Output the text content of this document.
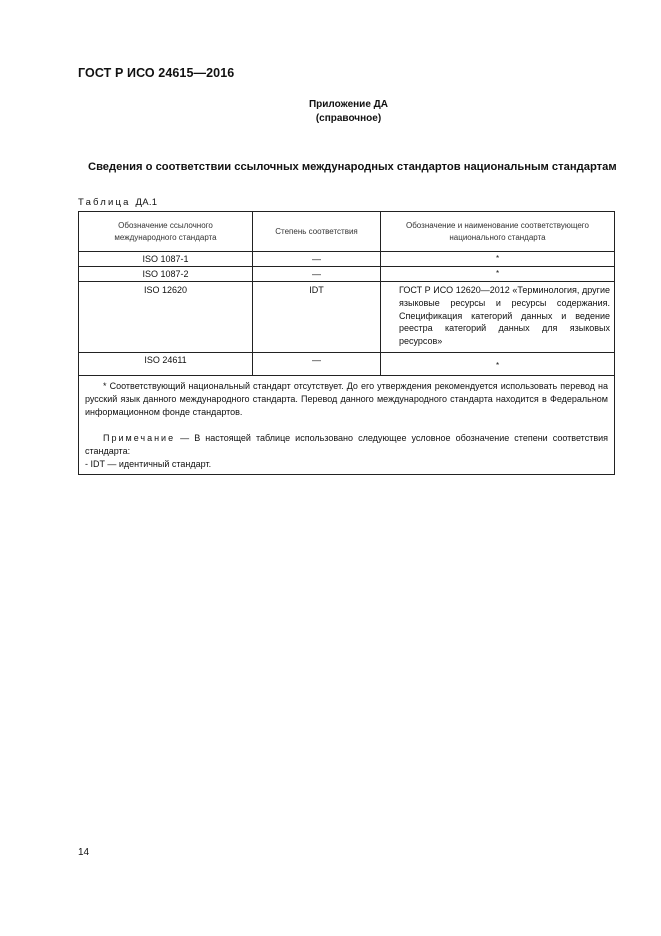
ГОСТ Р ИСО 24615—2016
Приложение ДА
(справочное)
Сведения о соответствии ссылочных международных стандартов национальным стандартам
Таблица ДА.1
Обозначение ссылочного международного стандарта	Степень соответствия	Обозначение и наименование соответствующего национального стандарта
ISO 1087-1	—	*
ISO 1087-2	—	*
ISO 12620	IDT	ГОСТ Р ИСО 12620—2012 «Терминология, другие языковые ресурсы и ресурсы содержания. Спецификация категорий данных и ведение реестра категорий данных для языковых ресурсов»
ISO 24611	—	*

* Соответствующий национальный стандарт отсутствует. До его утверждения рекомендуется использовать перевод на русский язык данного международного стандарта. Перевод данного международного стандарта находится в Федеральном информационном фонде стандартов.

Примечание — В настоящей таблице использовано следующее условное обозначение степени соответствия стандарта:

- IDT — идентичный стандарт.		

14
